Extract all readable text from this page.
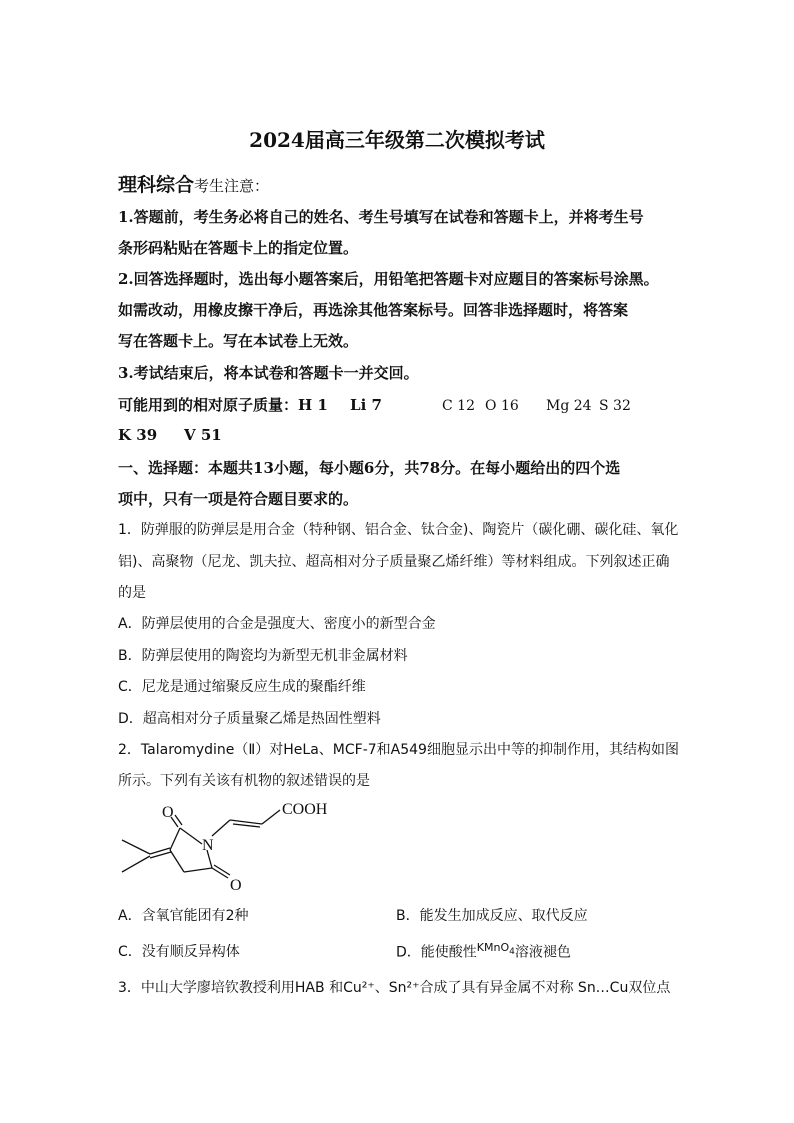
2024届高三年级第二次模拟考试
理科综合考生注意：
1.答题前，考生务必将自己的姓名、考生号填写在试卷和答题卡上，并将考生号
条形码粘贴在答题卡上的指定位置。
2.回答选择题时，选出每小题答案后，用铅笔把答题卡对应题目的答案标号涂黑。
如需改动，用橡皮擦干净后，再选涂其他答案标号。回答非选择题时，将答案
写在答题卡上。写在本试卷上无效。
3.考试结束后，将本试卷和答题卡一并交回。
可能用到的相对原子质量：H 1 Li 7	C 12 O 16 Mg 24 S 32
K 39 V 51
一、选择题：本题共13小题，每小题6分，共78分。在每小题给出的四个选
项中，只有一项是符合题目要求的。
1．防弹服的防弹层是用合金（特种钢、铝合金、钛合金)、陶瓷片（碳化硼、碳化硅、氧化
铝)、高聚物（尼龙、凯夫拉、超高相对分子质量聚乙烯纤维）等材料组成。下列叙述正确
的是
A．防弹层使用的合金是强度大、密度小的新型合金
B．防弹层使用的陶瓷均为新型无机非金属材料
C．尼龙是通过缩聚反应生成的聚酯纤维
D．超高相对分子质量聚乙烯是热固性塑料
2．Talaromydine（Ⅱ）对HeLa、MCF-7和A549细胞显示出中等的抑制作用，其结构如图
所示。下列有关该有机物的叙述错误的是
O	COOH
N
O
A．含氧官能团有2种	B．能发生加成反应、取代反应
C．没有顺反异构体	D．能使酸性$^{KMnO_4}$溶液褪色
3．中山大学廖培钦教授利用HAB 和Cu²⁺、Sn²⁺合成了具有异金属不对称 Sn…Cu双位点
